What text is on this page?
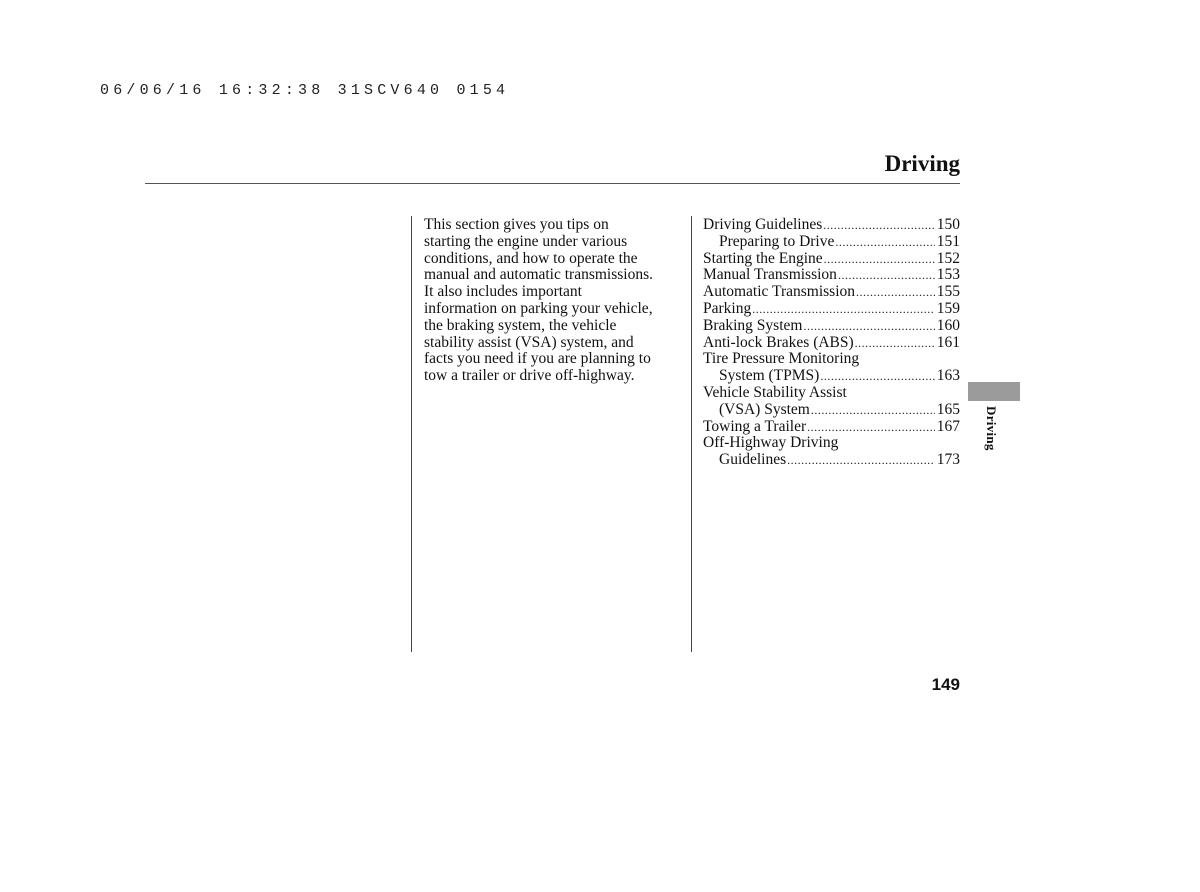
06/06/16 16:32:38 31SCV640 0154
Driving
This section gives you tips on
starting the engine under various
conditions, and how to operate the
manual and automatic transmissions.
It also includes important
information on parking your vehicle,
the braking system, the vehicle
stability assist (VSA) system, and
facts you need if you are planning to
tow a trailer or drive off-highway.
Driving Guidelines .....	150
Preparing to Drive .....	151
Starting the Engine .....	152
Manual Transmission .....	153
Automatic Transmission .....	155
Parking .....	159
Braking System .....	160
Anti-lock Brakes (ABS) .....	161
Tire Pressure Monitoring
System (TPMS) .....	163
Vehicle Stability Assist
(VSA) System .....	165
Towing a Trailer .....	167
Off-Highway Driving
Guidelines .....	173
Driving
149
